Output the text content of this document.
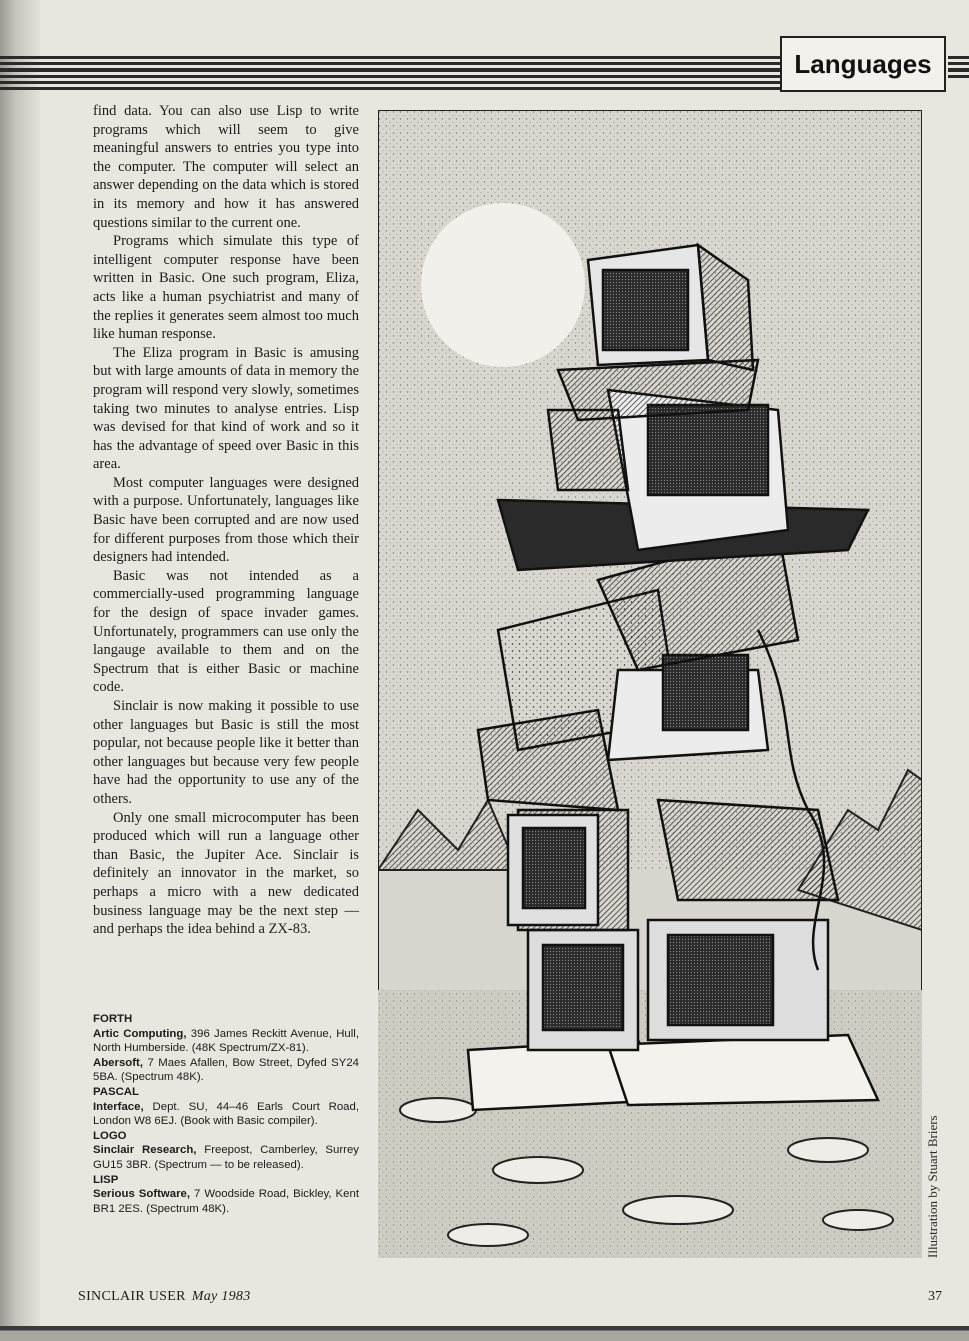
Languages

find data. You can also use Lisp to write programs which will seem to give meaningful answers to entries you type into the computer. The computer will select an answer depending on the data which is stored in its memory and how it has answered questions similar to the current one.

Programs which simulate this type of intelligent computer response have been written in Basic. One such program, Eliza, acts like a human psychiatrist and many of the replies it generates seem almost too much like human response.

The Eliza program in Basic is amusing but with large amounts of data in memory the program will respond very slowly, sometimes taking two minutes to analyse entries. Lisp was devised for that kind of work and so it has the advantage of speed over Basic in this area.

Most computer languages were designed with a purpose. Unfortunately, languages like Basic have been corrupted and are now used for different purposes from those which their designers had intended.

Basic was not intended as a commercially-used programming language for the design of space invader games. Unfortunately, programmers can use only the langauge available to them and on the Spectrum that is either Basic or machine code.

Sinclair is now making it possible to use other languages but Basic is still the most popular, not because people like it better than other languages but because very few people have had the opportunity to use any of the others.

Only one small microcomputer has been produced which will run a language other than Basic, the Jupiter Ace. Sinclair is definitely an innovator in the market, so perhaps a micro with a new dedicated business language may be the next step — and perhaps the idea behind a ZX-83.

FORTH

Artic Computing, 396 James Reckitt Avenue, Hull, North Humberside. (48K Spectrum/ZX-81).

Abersoft, 7 Maes Afallen, Bow Street, Dyfed SY24 5BA. (Spectrum 48K).

PASCAL

Interface, Dept. SU, 44–46 Earls Court Road, London W8 6EJ. (Book with Basic compiler).

LOGO

Sinclair Research, Freepost, Camberley, Surrey GU15 3BR. (Spectrum — to be released).

LISP

Serious Software, 7 Woodside Road, Bickley, Kent BR1 2ES. (Spectrum 48K).	Illustration by Stuart Briers
SINCLAIR USER May 1983	37
